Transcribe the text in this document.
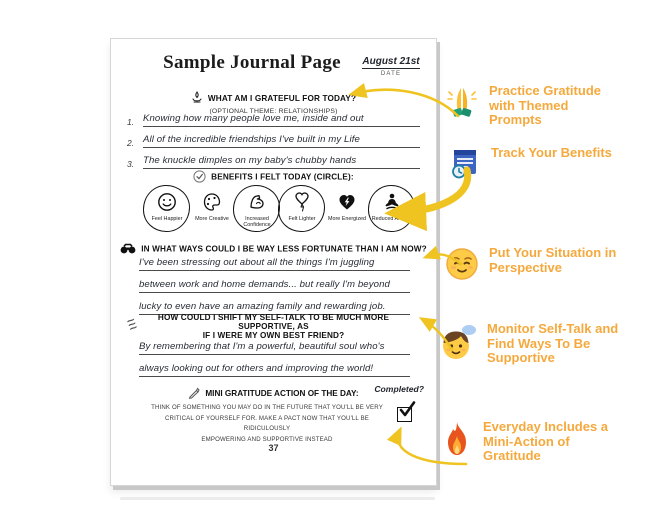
Sample Journal Page	August 21st
DATE
WHAT AM I GRATEFUL FOR TODAY?
(OPTIONAL THEME: RELATIONSHIPS)
1. Knowing how many people love me, inside and out
2. All of the incredible friendships I've built in my Life
3. The knuckle dimples on my baby's chubby hands
BENEFITS I FELT TODAY (CIRCLE):
Feel Happier	More Creative	Increased Confidence
Felt Lighter	More Energized	Reduced Anxiety
IN WHAT WAYS COULD I BE WAY LESS FORTUNATE THAN I AM NOW?
I've been stressing out about all the things I'm juggling
between work and home demands... but really I'm beyond
lucky to even have an amazing family and rewarding job.
HOW COULD I SHIFT MY SELF-TALK TO BE MUCH MORE SUPPORTIVE, AS
IF I WERE MY OWN BEST FRIEND?
By remembering that I'm a powerful, beautiful soul who's
always looking out for others and improving the world!
MINI GRATITUDE ACTION OF THE DAY:	Completed?
THINK OF SOMETHING YOU MAY DO IN THE FUTURE THAT YOU'LL BE VERY
CRITICAL OF YOURSELF FOR. MAKE A PACT NOW THAT YOU'LL BE RIDICULOUSLY
EMPOWERING AND SUPPORTIVE INSTEAD
37
Practice Gratitude with Themed Prompts
Track Your Benefits
Put Your Situation in Perspective
Monitor Self-Talk and Find Ways To Be Supportive
Everyday Includes a Mini-Action of Gratitude
